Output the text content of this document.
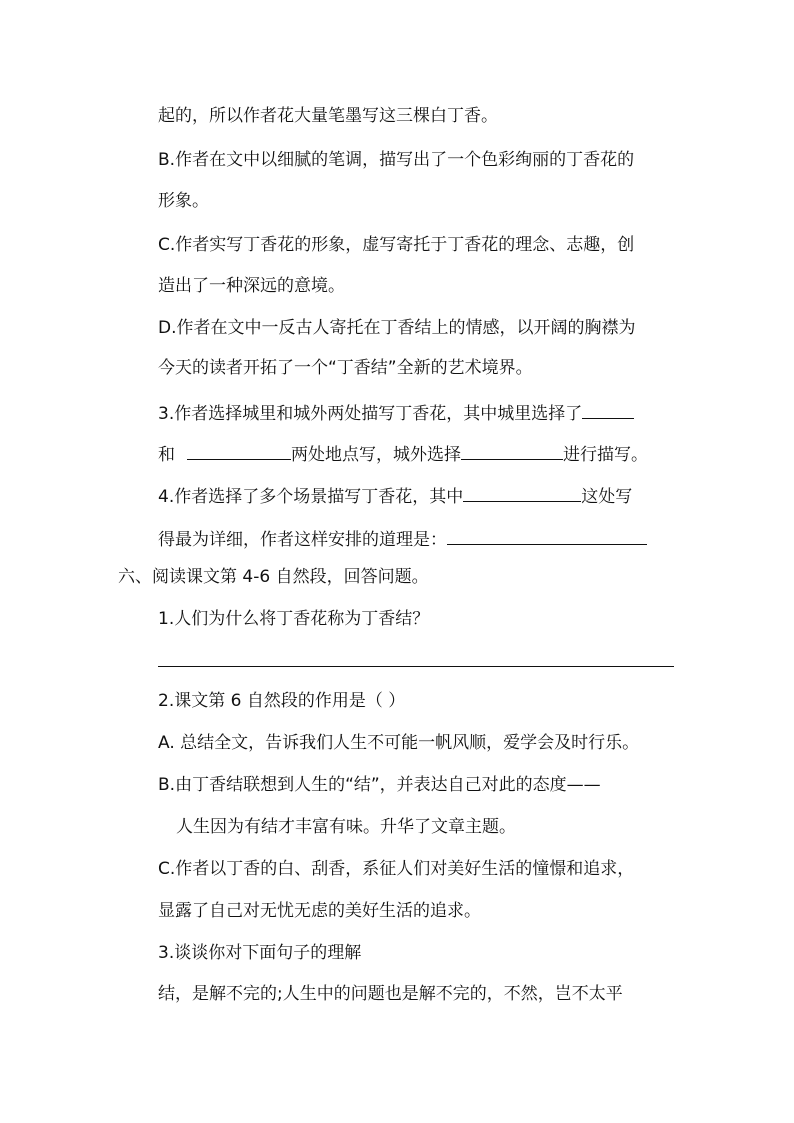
起的，所以作者花大量笔墨写这三棵白丁香。
B.作者在文中以细腻的笔调，描写出了一个色彩绚丽的丁香花的
形象。
C.作者实写丁香花的形象，虚写寄托于丁香花的理念、志趣，创
造出了一种深远的意境。
D.作者在文中一反古人寄托在丁香结上的情感，以开阔的胸襟为
今天的读者开拓了一个“丁香结”全新的艺术境界。
3.作者选择城里和城外两处描写丁香花，其中城里选择了
和	两处地点写，城外选择	进行描写。
4.作者选择了多个场景描写丁香花，其中	这处写
得最为详细，作者这样安排的道理是：
六、阅读课文第 4-6 自然段，回答问题。
1.人们为什么将丁香花称为丁香结？
2.课文第 6 自然段的作用是（ ）
A. 总结全文，告诉我们人生不可能一帆风顺，爱学会及时行乐。
B.由丁香结联想到人生的“结”，并表达自己对此的态度——
人生因为有结才丰富有味。升华了文章主题。
C.作者以丁香的白、刮香，系征人们对美好生活的憧憬和追求，
显露了自己对无忧无虑的美好生活的追求。
3.谈谈你对下面句子的理解
结，是解不完的;人生中的问题也是解不完的，不然，岂不太平
